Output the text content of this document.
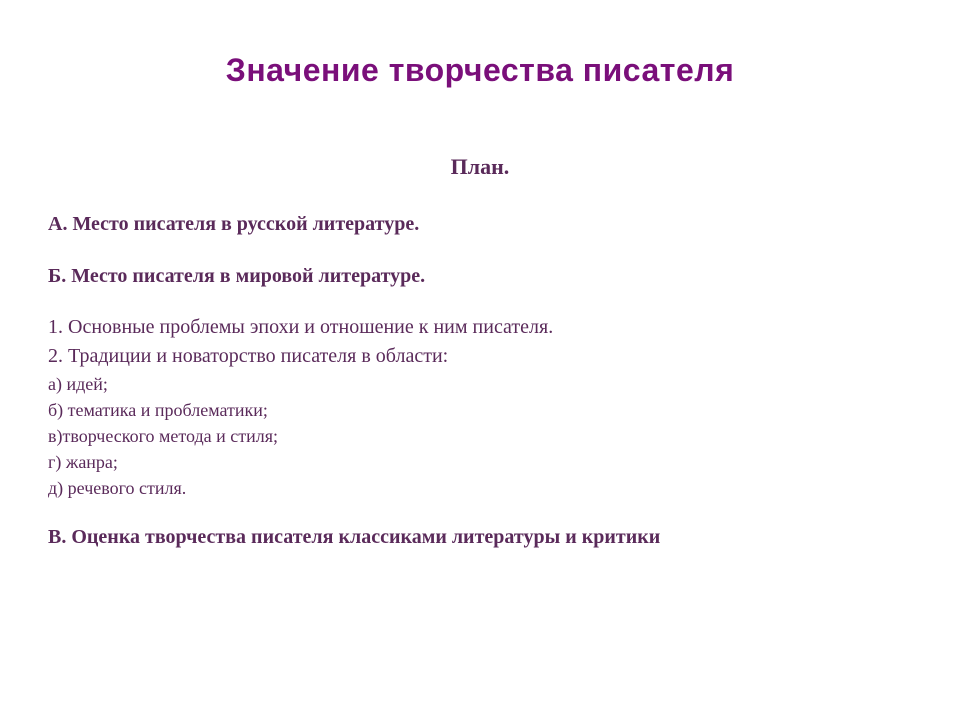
Значение творчества писателя
План.
А. Место писателя в русской литературе.
Б. Место писателя в мировой литературе.
1. Основные проблемы эпохи и отношение к ним писателя.
2. Традиции и новаторство писателя в области:
а) идей;
б) тематика и проблематики;
в)творческого метода и стиля;
г) жанра;
д) речевого стиля.
В. Оценка творчества писателя классиками литературы и критики
